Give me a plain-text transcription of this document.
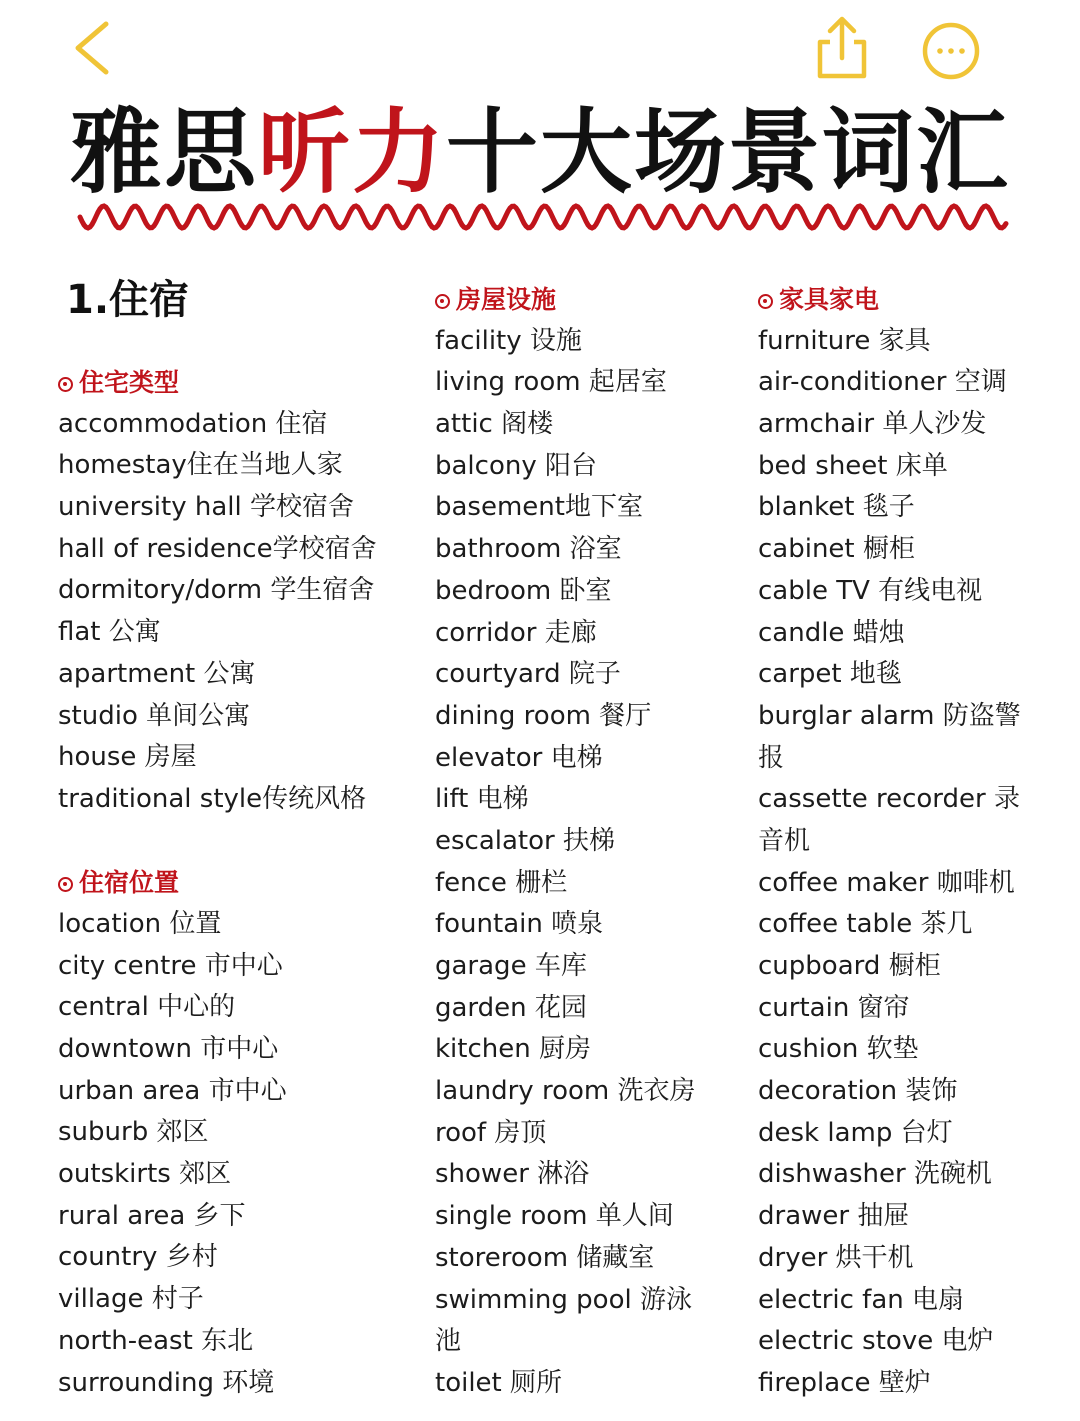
雅思听力十大场景词汇
1.住宿
住宅类型
accommodation 住宿
homestay住在当地人家
university hall 学校宿舍
hall of residence学校宿舍
dormitory/dorm 学生宿舍
flat 公寓
apartment 公寓
studio 单间公寓
house 房屋
traditional style传统风格
住宿位置
location 位置
city centre 市中心
central 中心的
downtown 市中心
urban area 市中心
suburb 郊区
outskirts 郊区
rural area 乡下
country 乡村
village 村子
north-east 东北
surrounding 环境
房屋设施
facility 设施
living room 起居室
attic 阁楼
balcony 阳台
basement地下室
bathroom 浴室
bedroom 卧室
corridor 走廊
courtyard 院子
dining room 餐厅
elevator 电梯
lift 电梯
escalator 扶梯
fence 栅栏
fountain 喷泉
garage 车库
garden 花园
kitchen 厨房
laundry room 洗衣房
roof 房顶
shower 淋浴
single room 单人间
storeroom 储藏室
swimming pool 游泳
池
toilet 厕所
家具家电
furniture 家具
air-conditioner 空调
armchair 单人沙发
bed sheet 床单
blanket 毯子
cabinet 橱柜
cable TV 有线电视
candle 蜡烛
carpet 地毯
burglar alarm 防盗警
报
cassette recorder 录
音机
coffee maker 咖啡机
coffee table 茶几
cupboard 橱柜
curtain 窗帘
cushion 软垫
decoration 装饰
desk lamp 台灯
dishwasher 洗碗机
drawer 抽屉
dryer 烘干机
electric fan 电扇
electric stove 电炉
fireplace 壁炉
